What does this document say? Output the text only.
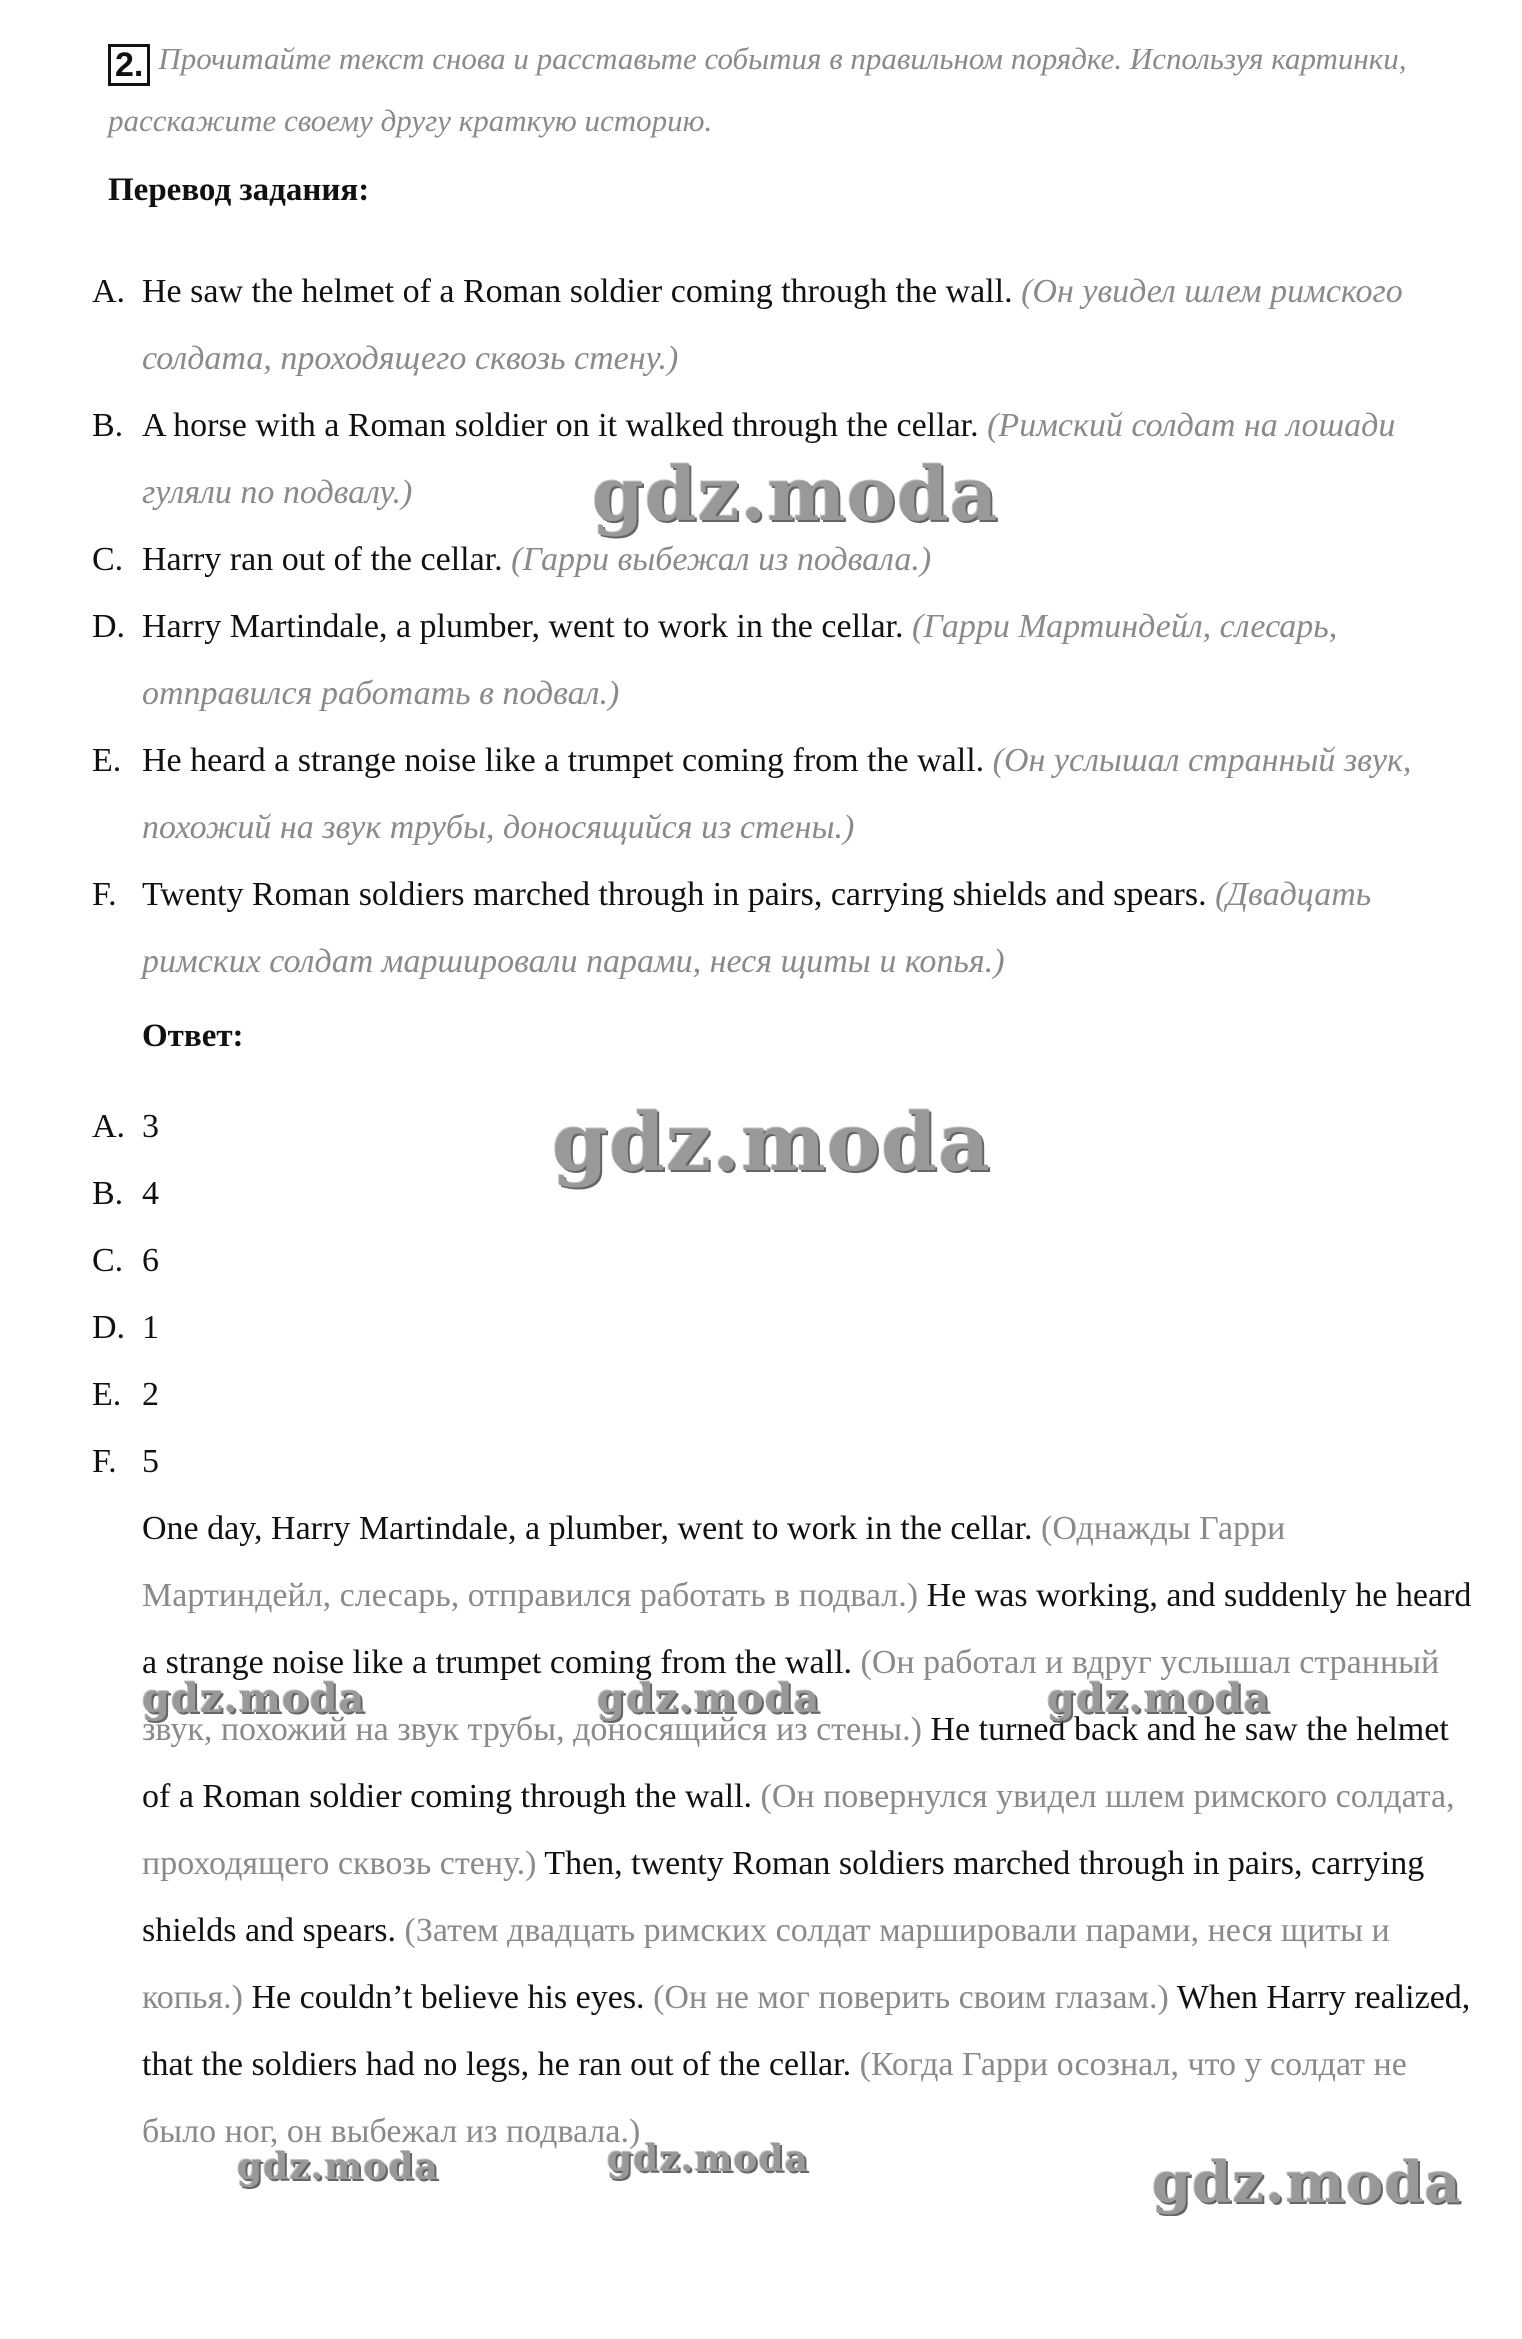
2. Прочитайте текст снова и расставьте события в правильном порядке. Используя картинки, расскажите своему другу краткую историю.
Перевод задания:
A. He saw the helmet of a Roman soldier coming through the wall. (Он увидел шлем римского солдата, проходящего сквозь стену.)
B. A horse with a Roman soldier on it walked through the cellar. (Римский солдат на лошади гуляли по подвалу.)
C. Harry ran out of the cellar. (Гарри выбежал из подвала.)
D. Harry Martindale, a plumber, went to work in the cellar. (Гарри Мартиндейл, слесарь, отправился работать в подвал.)
E. He heard a strange noise like a trumpet coming from the wall. (Он услышал странный звук, похожий на звук трубы, доносящийся из стены.)
F. Twenty Roman soldiers marched through in pairs, carrying shields and spears. (Двадцать римских солдат маршировали парами, неся щиты и копья.)
Ответ:
A. 3
B. 4
C. 6
D. 1
E. 2
F. 5
One day, Harry Martindale, a plumber, went to work in the cellar. (Однажды Гарри Мартиндейл, слесарь, отправился работать в подвал.) He was working, and suddenly he heard a strange noise like a trumpet coming from the wall. (Он работал и вдруг услышал странный звук, похожий на звук трубы, доносящийся из стены.) He turned back and he saw the helmet of a Roman soldier coming through the wall. (Он повернулся увидел шлем римского солдата, проходящего сквозь стену.) Then, twenty Roman soldiers marched through in pairs, carrying shields and spears. (Затем двадцать римских солдат маршировали парами, неся щиты и копья.) He couldn’t believe his eyes. (Он не мог поверить своим глазам.) When Harry realized, that the soldiers had no legs, he ran out of the cellar. (Когда Гарри осознал, что у солдат не было ног, он выбежал из подвала.)
gdz.moda
gdz.moda
gdz.moda	gdz.moda	gdz.moda
gdz.moda	gdz.moda	gdz.moda
